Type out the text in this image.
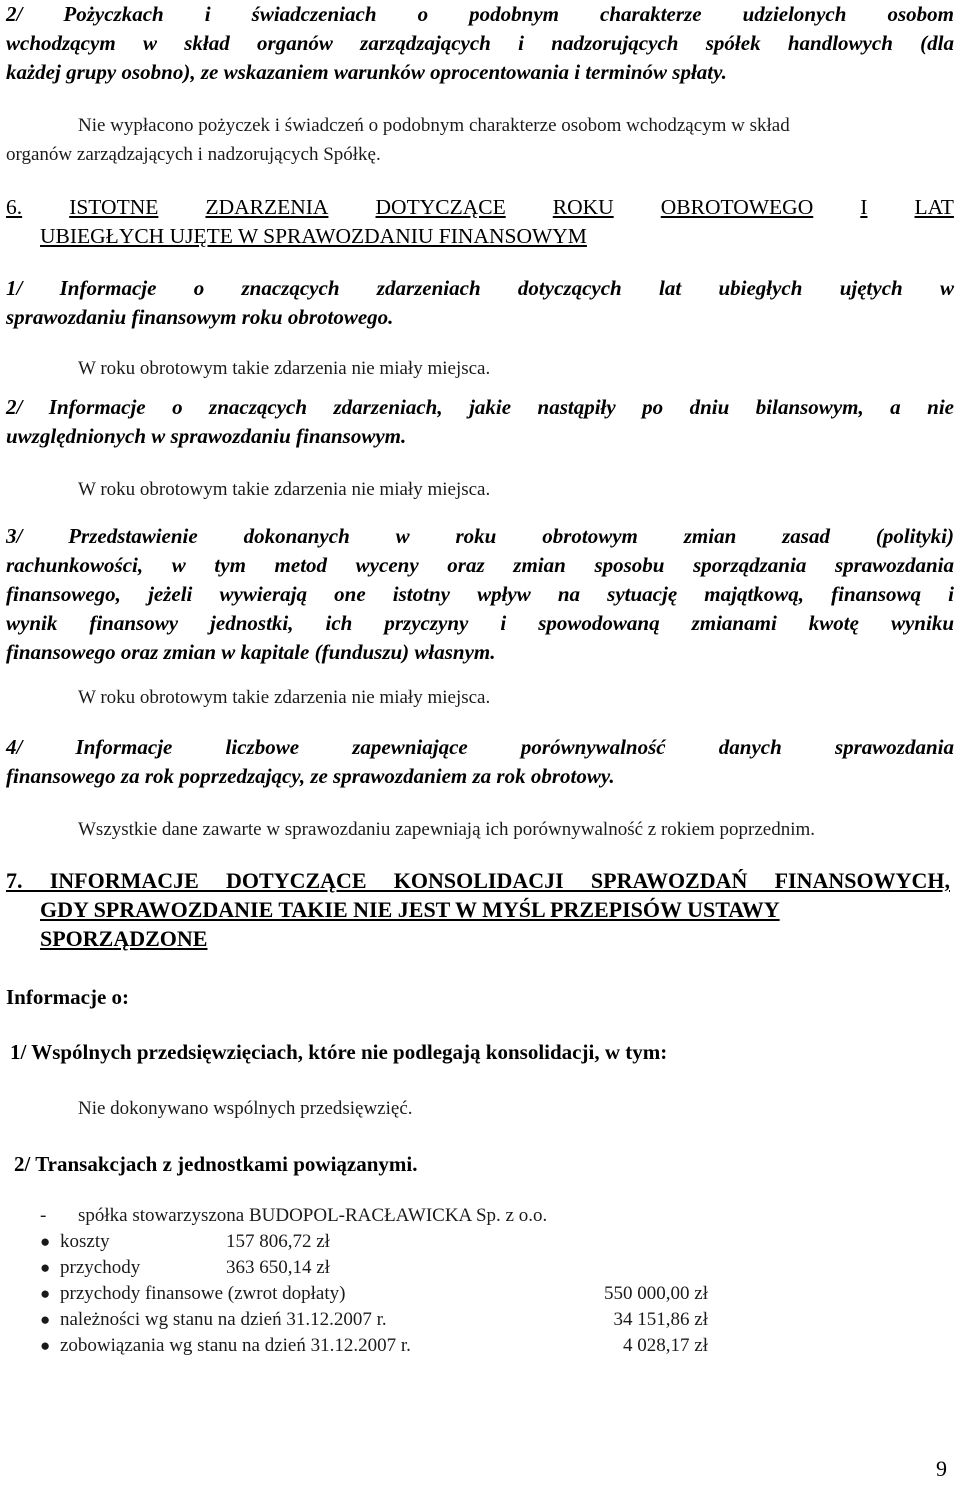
2/ Pożyczkach i świadczeniach o podobnym charakterze udzielonych osobom

wchodzącym w skład organów zarządzających i nadzorujących spółek handlowych (dla

każdej grupy osobno), ze wskazaniem warunków oprocentowania i terminów spłaty.

Nie wypłacono pożyczek i świadczeń o podobnym charakterze osobom wchodzącym w skład

organów zarządzających i nadzorujących Spółkę.

6. ISTOTNE ZDARZENIA DOTYCZĄCE ROKU OBROTOWEGO I LAT

UBIEGŁYCH UJĘTE W SPRAWOZDANIU FINANSOWYM

1/ Informacje o znaczących zdarzeniach dotyczących lat ubiegłych ujętych w

sprawozdaniu finansowym roku obrotowego.

W roku obrotowym takie zdarzenia nie miały miejsca.

2/ Informacje o znaczących zdarzeniach, jakie nastąpiły po dniu bilansowym, a nie

uwzględnionych w sprawozdaniu finansowym.

W roku obrotowym takie zdarzenia nie miały miejsca.

3/ Przedstawienie dokonanych w roku obrotowym zmian zasad (polityki)

rachunkowości, w tym metod wyceny oraz zmian sposobu sporządzania sprawozdania

finansowego, jeżeli wywierają one istotny wpływ na sytuację majątkową, finansową i

wynik finansowy jednostki, ich przyczyny i spowodowaną zmianami kwotę wyniku

finansowego oraz zmian w kapitale (funduszu) własnym.

W roku obrotowym takie zdarzenia nie miały miejsca.

4/ Informacje liczbowe zapewniające porównywalność danych sprawozdania

finansowego za rok poprzedzający, ze sprawozdaniem za rok obrotowy.

Wszystkie dane zawarte w sprawozdaniu zapewniają ich porównywalność z rokiem poprzednim.

7. INFORMACJE DOTYCZĄCE KONSOLIDACJI SPRAWOZDAŃ FINANSOWYCH,

GDY SPRAWOZDANIE TAKIE NIE JEST W MYŚL PRZEPISÓW USTAWY

SPORZĄDZONE

Informacje o:

1/ Wspólnych przedsięwzięciach, które nie podlegają konsolidacji, w tym:

Nie dokonywano wspólnych przedsięwzięć.

2/ Transakcjach z jednostkami powiązanymi.

- spółka stowarzyszona BUDOPOL-RACŁAWICKA Sp. z o.o.
● koszty	157 806,72 zł
● przychody	363 650,14 zł
● przychody finansowe (zwrot dopłaty)	550 000,00 zł
● należności wg stanu na dzień 31.12.2007 r.	34 151,86 zł
● zobowiązania wg stanu na dzień 31.12.2007 r.	4 028,17 zł
9
